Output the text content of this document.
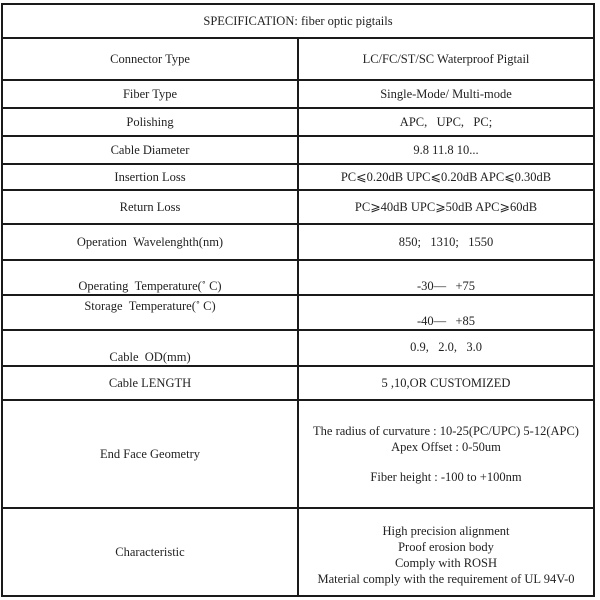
SPECIFICATION: fiber optic pigtails	
Connector Type	LC/FC/ST/SC Waterproof Pigtail
Fiber Type	Single-Mode/ Multi-mode
Polishing	APC,   UPC,   PC;
Cable Diameter	9.8 11.8 10...
Insertion Loss	PC⩽0.20dB UPC⩽0.20dB APC⩽0.30dB
Return Loss	PC⩾40dB UPC⩾50dB APC⩾60dB
Operation  Wavelenghth(nm)	850;   1310;   1550
Operating  Temperature(˚ C)	-30—   +75
Storage  Temperature(˚ C)	-40—   +85
Cable  OD(mm)	0.9,   2.0,   3.0
Cable LENGTH	5 ,10,OR CUSTOMIZED
End Face Geometry	The radius of curvature : 10-25(PC/UPC) 5-12(APC)
Apex Offset : 0-50um
Fiber height : -100 to +100nm

Characteristic	High precision alignment
Proof erosion body
Comply with ROSH
Material comply with the requirement of UL 94V-0
